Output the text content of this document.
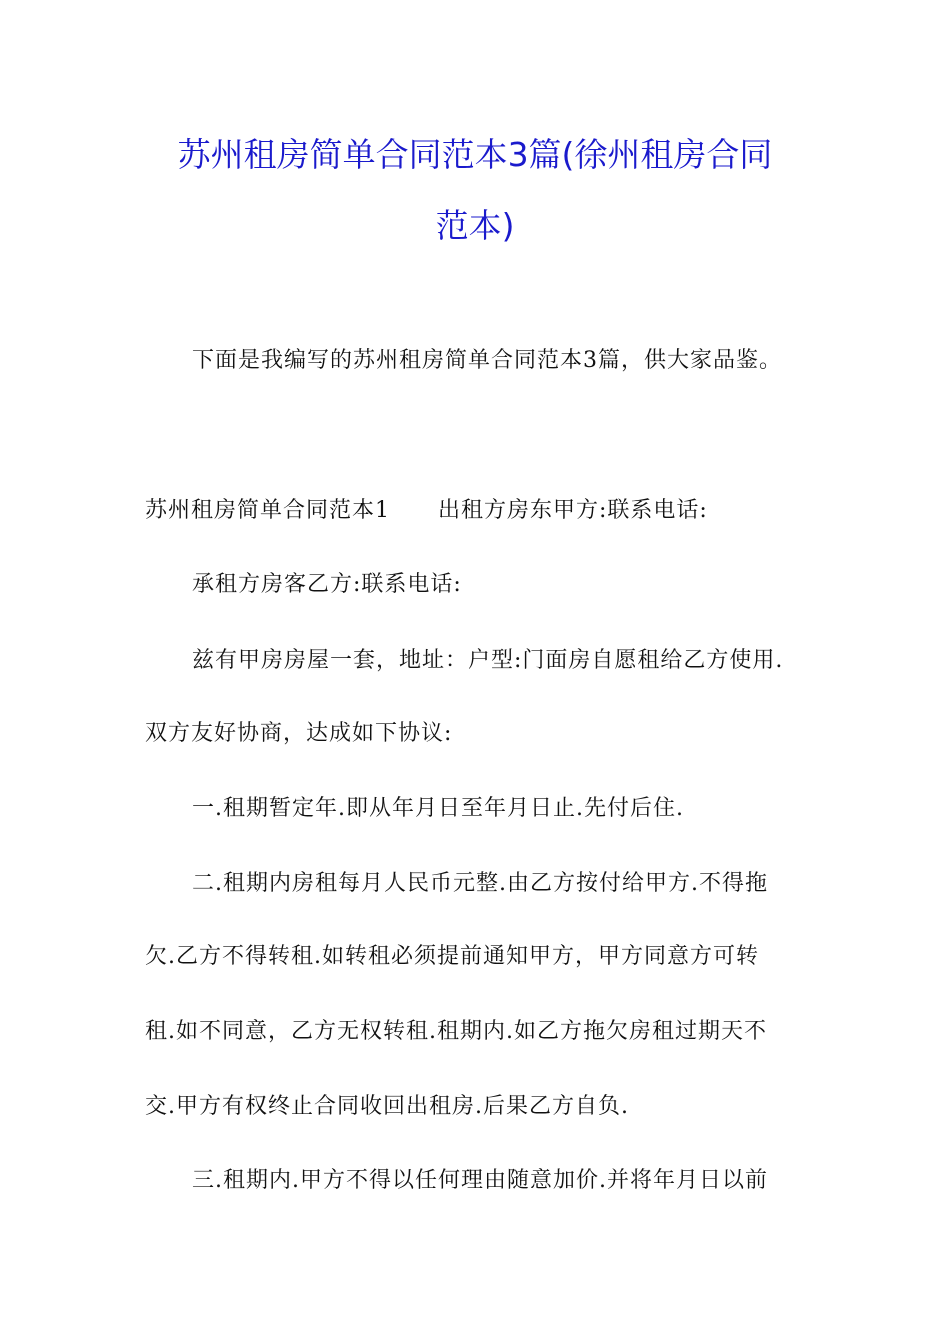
苏州租房简单合同范本3篇(徐州租房合同
范本)

下面是我编写的苏州租房简单合同范本3篇，供大家品鉴。

苏州租房简单合同范本1 出租方房东甲方:联系电话:

承租方房客乙方:联系电话:

兹有甲房房屋一套，地址：户型:门面房自愿租给乙方使用.

双方友好协商，达成如下协议:

一.租期暂定年.即从年月日至年月日止.先付后住.

二.租期内房租每月人民币元整.由乙方按付给甲方.不得拖

欠.乙方不得转租.如转租必须提前通知甲方，甲方同意方可转

租.如不同意，乙方无权转租.租期内.如乙方拖欠房租过期天不

交.甲方有权终止合同收回出租房.后果乙方自负.

三.租期内.甲方不得以任何理由随意加价.并将年月日以前
